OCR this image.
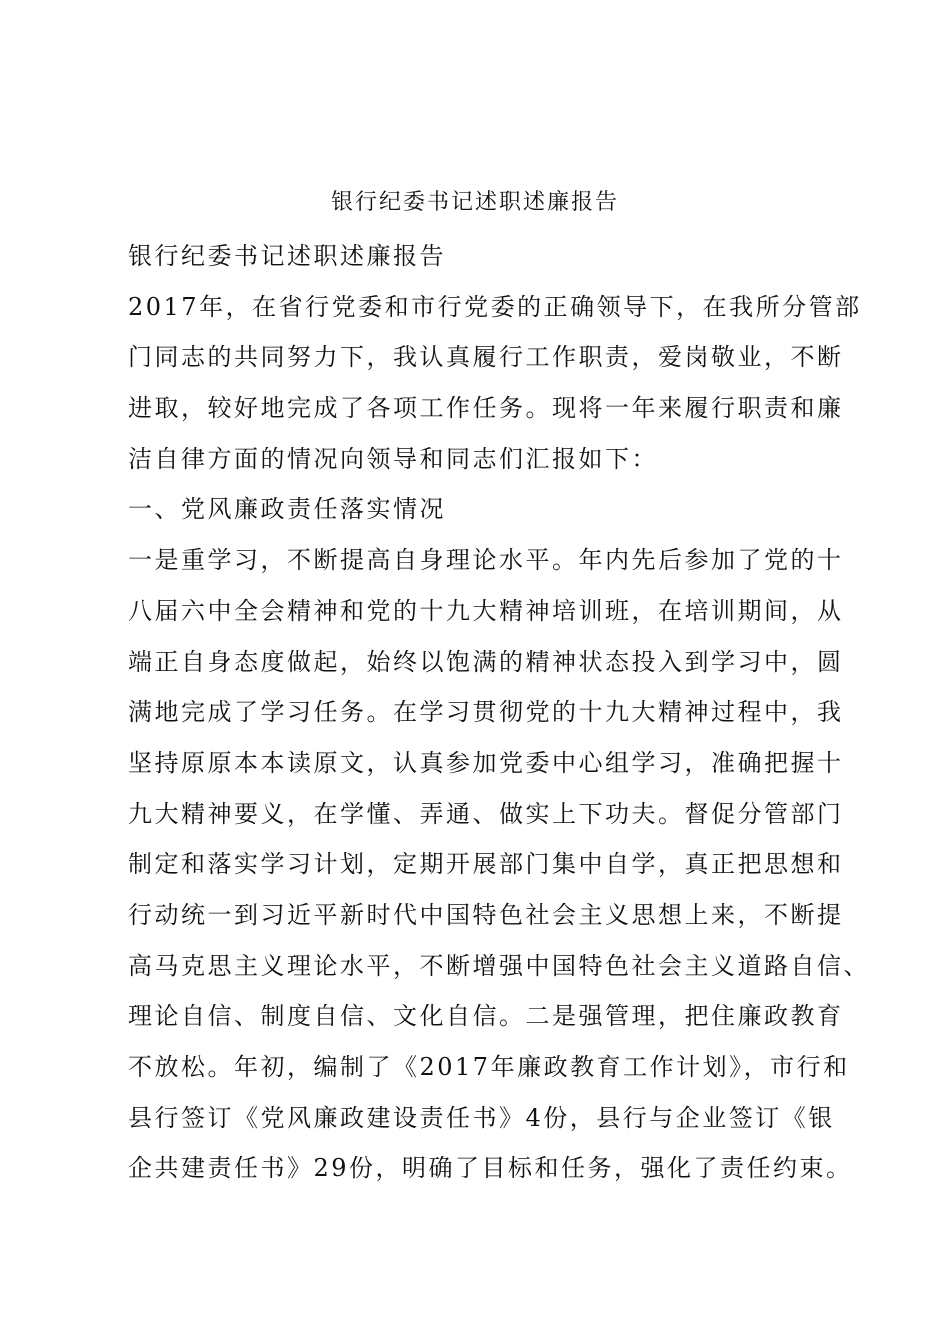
银行纪委书记述职述廉报告
银行纪委书记述职述廉报告
2017年，在省行党委和市行党委的正确领导下，在我所分管部
门同志的共同努力下，我认真履行工作职责，爱岗敬业，不断
进取，较好地完成了各项工作任务。现将一年来履行职责和廉
洁自律方面的情况向领导和同志们汇报如下：
一、党风廉政责任落实情况
一是重学习，不断提高自身理论水平。年内先后参加了党的十
八届六中全会精神和党的十九大精神培训班，在培训期间，从
端正自身态度做起，始终以饱满的精神状态投入到学习中，圆
满地完成了学习任务。在学习贯彻党的十九大精神过程中，我
坚持原原本本读原文，认真参加党委中心组学习，准确把握十
九大精神要义，在学懂、弄通、做实上下功夫。督促分管部门
制定和落实学习计划，定期开展部门集中自学，真正把思想和
行动统一到习近平新时代中国特色社会主义思想上来，不断提
高马克思主义理论水平，不断增强中国特色社会主义道路自信、
理论自信、制度自信、文化自信。二是强管理，把住廉政教育
不放松。年初，编制了《2017年廉政教育工作计划》，市行和
县行签订《党风廉政建设责任书》4份，县行与企业签订《银
企共建责任书》29份，明确了目标和任务，强化了责任约束。
